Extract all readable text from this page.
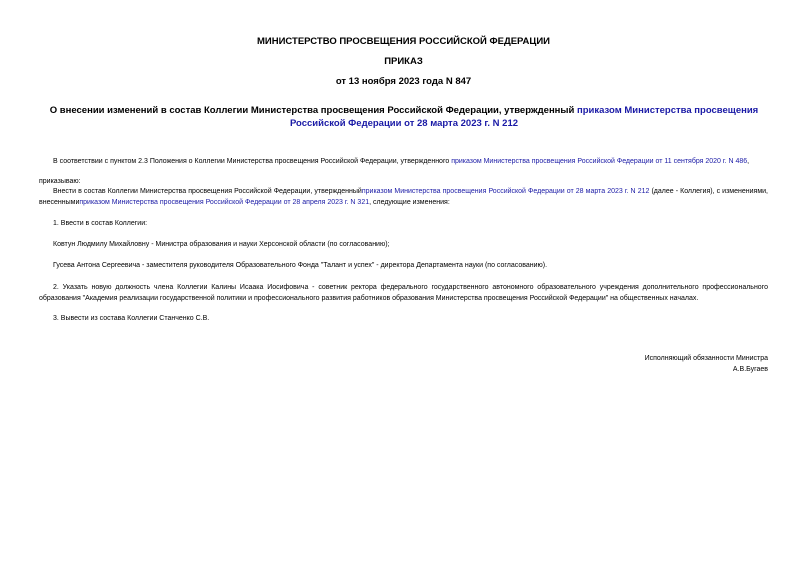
МИНИСТЕРСТВО ПРОСВЕЩЕНИЯ РОССИЙСКОЙ ФЕДЕРАЦИИ
ПРИКАЗ
от 13 ноября 2023 года N 847
О внесении изменений в состав Коллегии Министерства просвещения Российской Федерации, утвержденный приказом Министерства просвещения Российской Федерации от 28 марта 2023 г. N 212

В соответствии с пунктом 2.3 Положения о Коллегии Министерства просвещения Российской Федерации, утвержденного приказом Министерства просвещения Российской Федерации от 11 сентября 2020 г. N 486,

приказываю:

Внести в состав Коллегии Министерства просвещения Российской Федерации, утвержденныйприказом Министерства просвещения Российской Федерации от 28 марта 2023 г. N 212 (далее - Коллегия), с изменениями, внесеннымиприказом Министерства просвещения Российской Федерации от 28 апреля 2023 г. N 321, следующие изменения:

1. Ввести в состав Коллегии:

Ковтун Людмилу Михайловну - Министра образования и науки Херсонской области (по согласованию);

Гусева Антона Сергеевича - заместителя руководителя Образовательного Фонда "Талант и успех" - директора Департамента науки (по согласованию).

2. Указать новую должность члена Коллегии Калины Исаака Иосифовича - советник ректора федерального государственного автономного образовательного учреждения дополнительного профессионального образования "Академия реализации государственной политики и профессионального развития работников образования Министерства просвещения Российской Федерации" на общественных началах.

3. Вывести из состава Коллегии Станченко С.В.

Исполняющий обязанности Министра
А.В.Бугаев
